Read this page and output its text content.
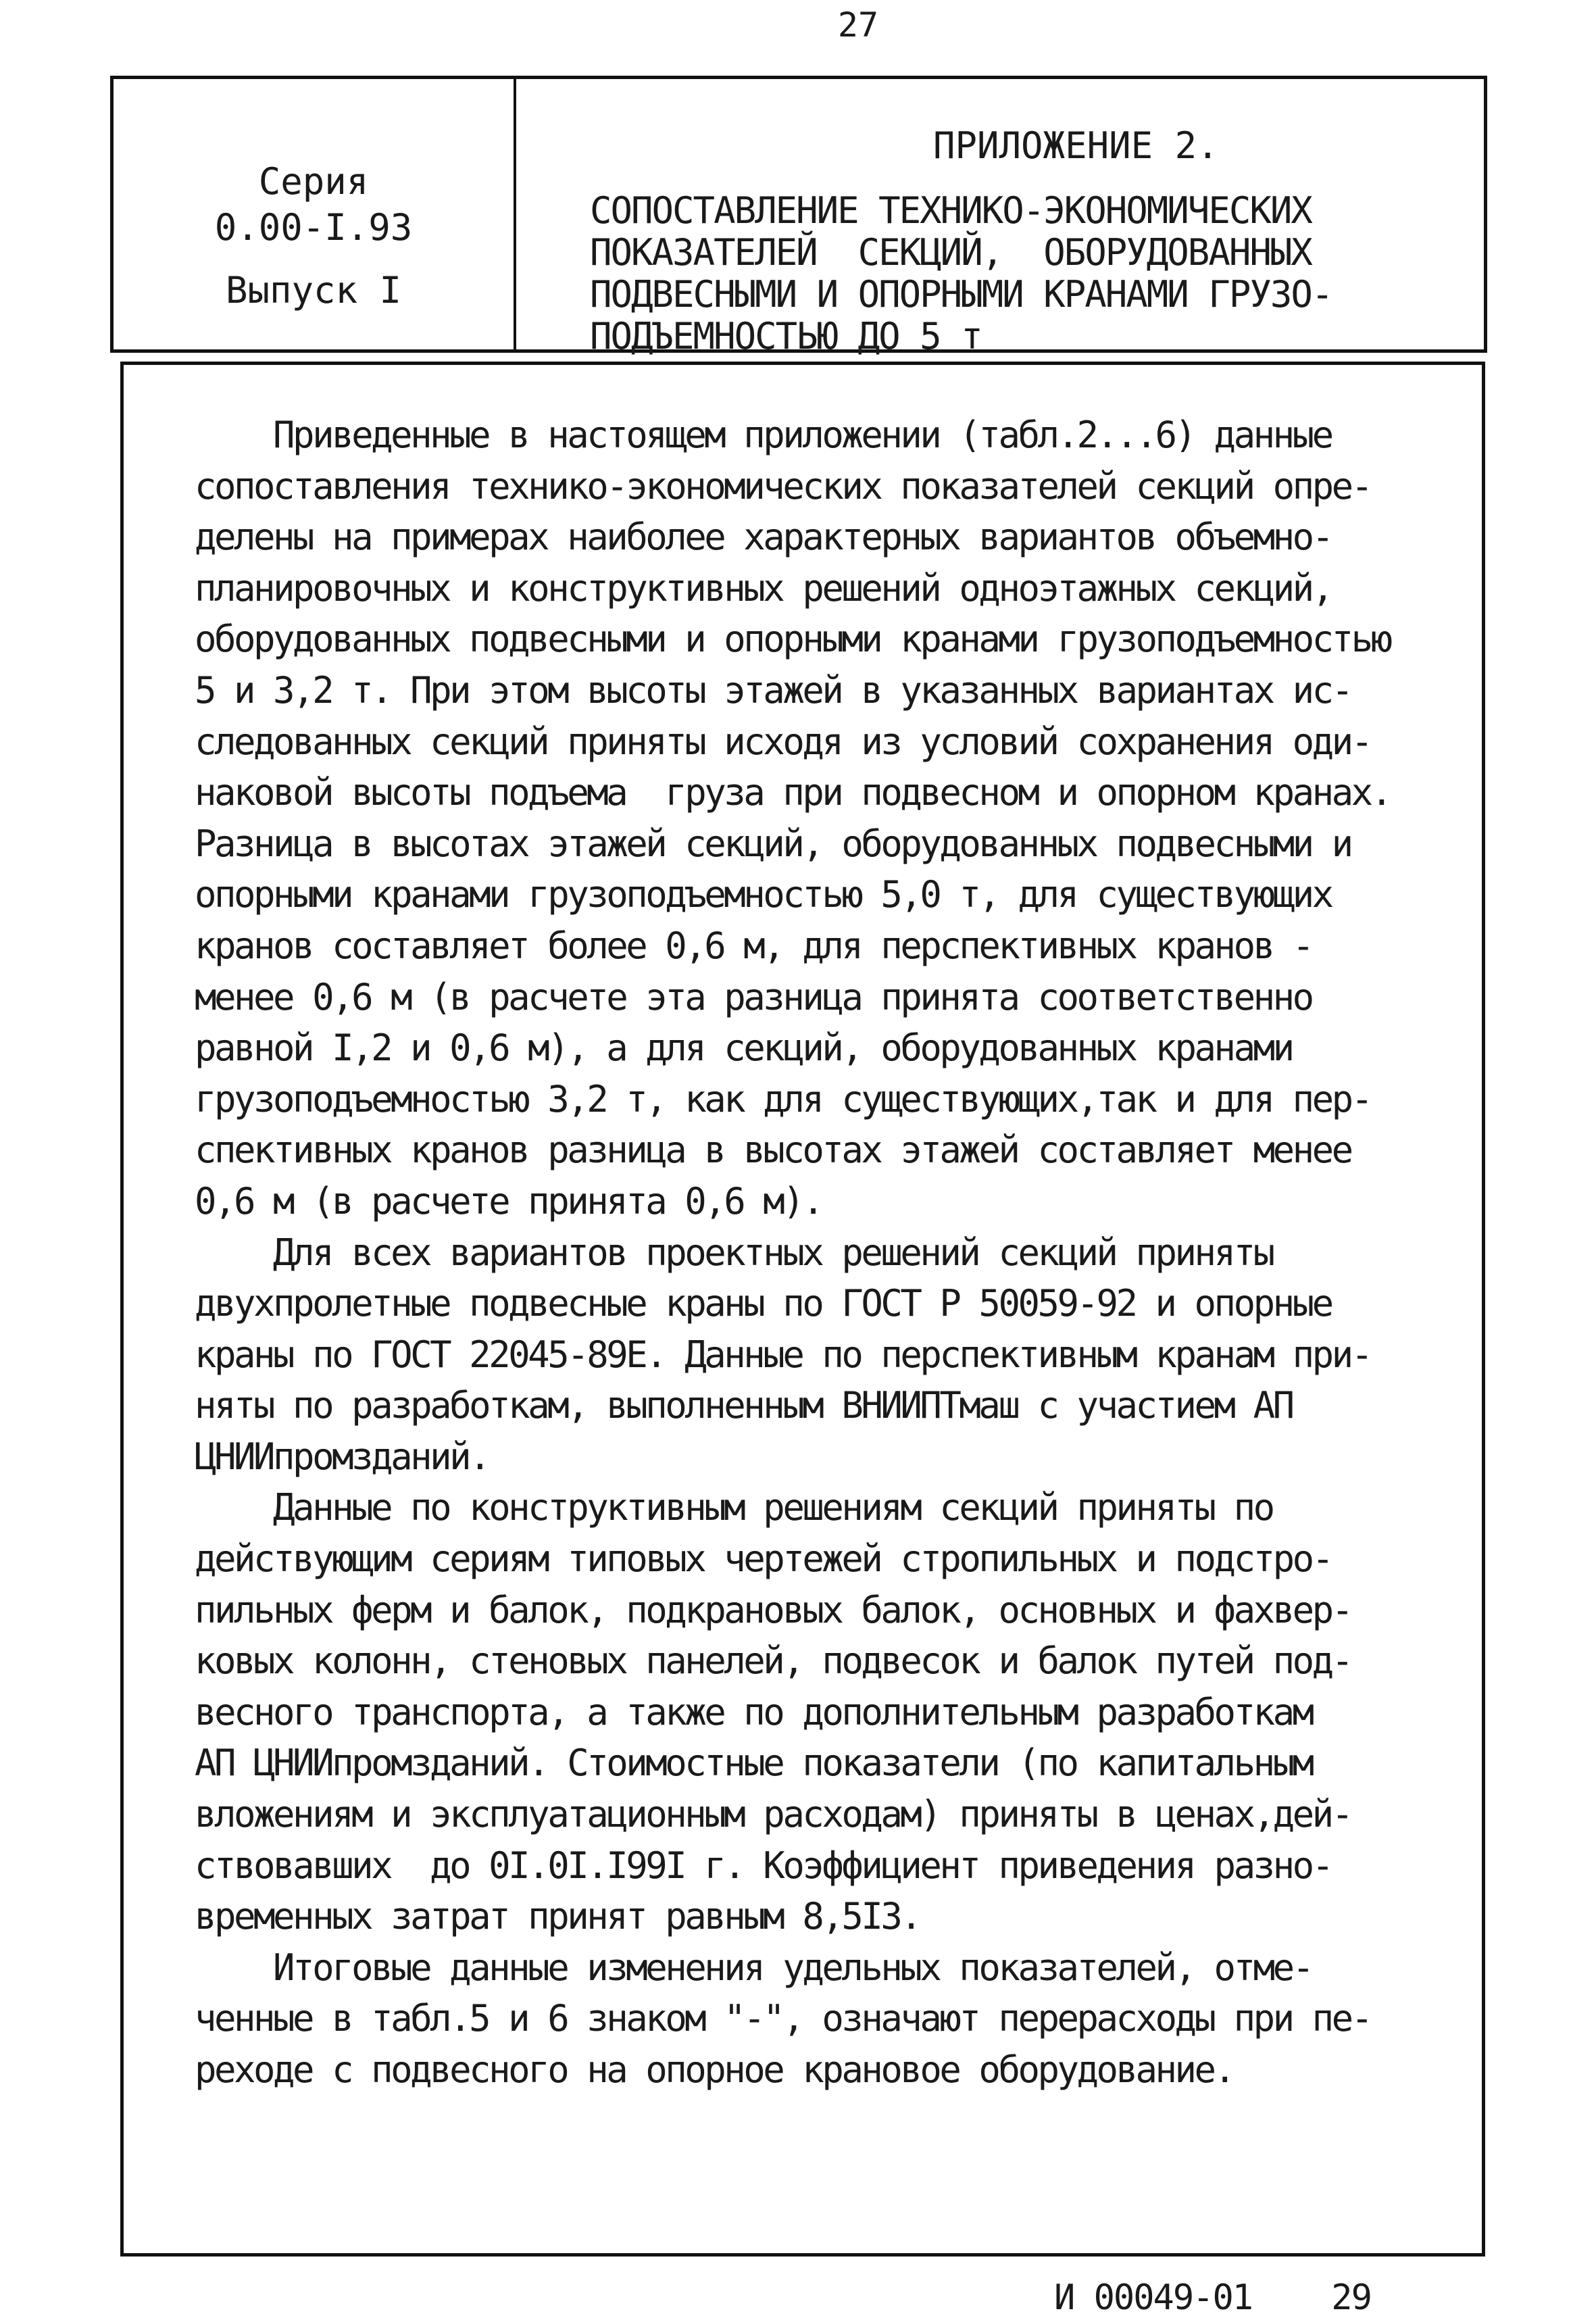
27
Серия
0.00-I.93
Выпуск I
ПРИЛОЖЕНИЕ 2.
СОПОСТАВЛЕНИЕ ТЕХНИКО-ЭКОНОМИЧЕСКИХ
ПОКАЗАТЕЛЕЙ  СЕКЦИЙ,  ОБОРУДОВАННЫХ
ПОДВЕСНЫМИ И ОПОРНЫМИ КРАНАМИ ГРУЗО-
ПОДЪЕМНОСТЬЮ ДО 5 т
Приведенные в настоящем приложении (табл.2...6) данные
сопоставления технико-экономических показателей секций опре-
делены на примерах наиболее характерных вариантов объемно-
планировочных и конструктивных решений одноэтажных секций,
оборудованных подвесными и опорными кранами грузоподъемностью
5 и 3,2 т. При этом высоты этажей в указанных вариантах ис-
следованных секций приняты исходя из условий сохранения оди-
наковой высоты подъема  груза при подвесном и опорном кранах.
Разница в высотах этажей секций, оборудованных подвесными и
опорными кранами грузоподъемностью 5,0 т, для существующих
кранов составляет более 0,6 м, для перспективных кранов -
менее 0,6 м (в расчете эта разница принята соответственно
равной I,2 и 0,6 м), а для секций, оборудованных кранами
грузоподъемностью 3,2 т, как для существующих,так и для пер-
спективных кранов разница в высотах этажей составляет менее
0,6 м (в расчете принята 0,6 м).
Для всех вариантов проектных решений секций приняты
двухпролетные подвесные краны по ГОСТ Р 50059-92 и опорные
краны по ГОСТ 22045-89Е. Данные по перспективным кранам при-
няты по разработкам, выполненным ВНИИПТмаш с участием АП
ЦНИИпромзданий.
Данные по конструктивным решениям секций приняты по
действующим сериям типовых чертежей стропильных и подстро-
пильных ферм и балок, подкрановых балок, основных и фахвер-
ковых колонн, стеновых панелей, подвесок и балок путей под-
весного транспорта, а также по дополнительным разработкам
АП ЦНИИпромзданий. Стоимостные показатели (по капитальным
вложениям и эксплуатационным расходам) приняты в ценах,дей-
ствовавших  до 0I.0I.I99I г. Коэффициент приведения разно-
временных затрат принят равным 8,5I3.
Итоговые данные изменения удельных показателей, отме-
ченные в табл.5 и 6 знаком "-", означают перерасходы при пе-
реходе с подвесного на опорное крановое оборудование.
И 00049-01    29
